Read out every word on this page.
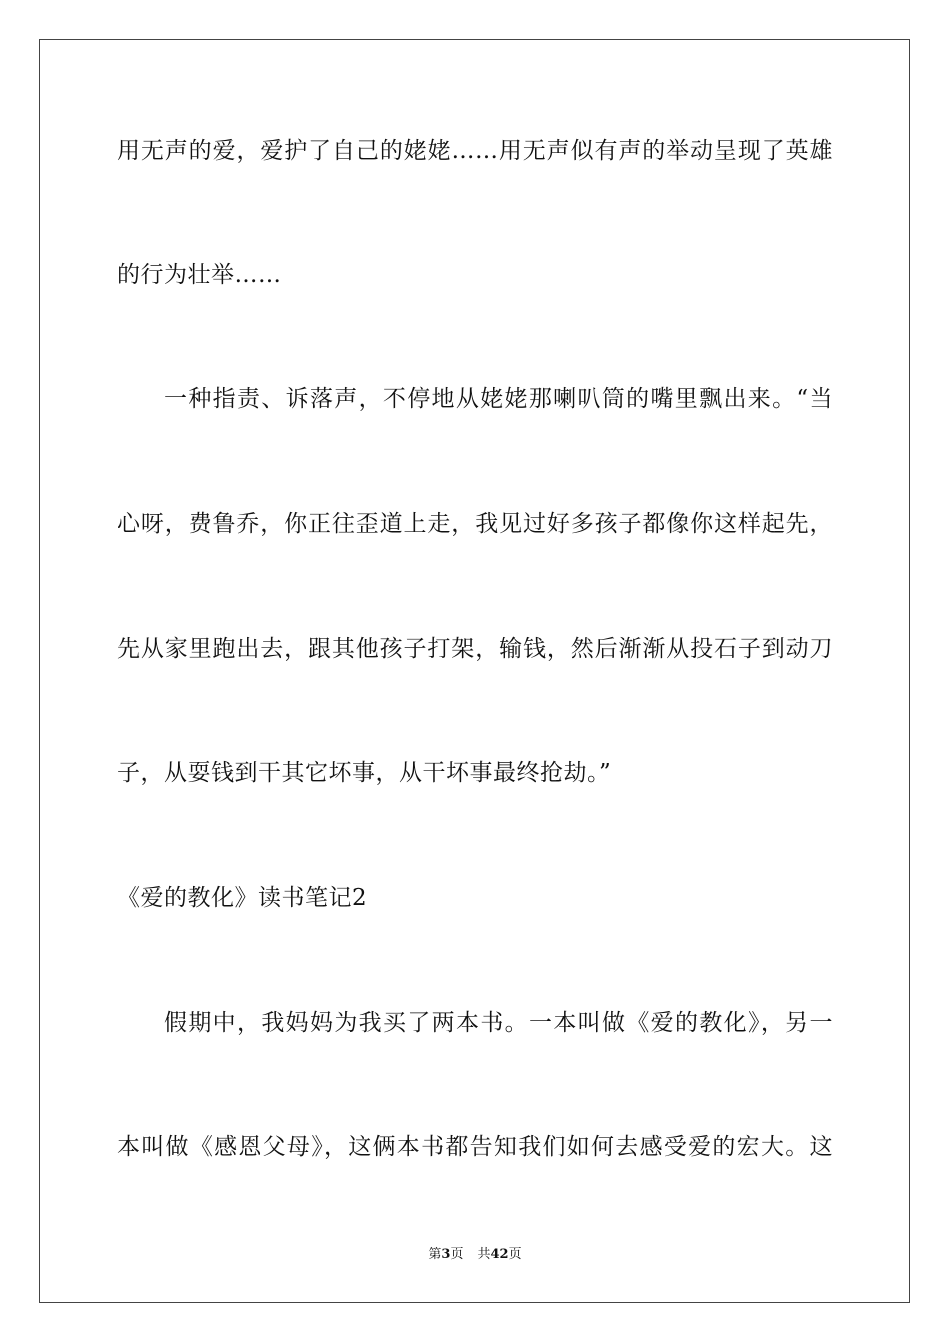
用无声的爱，爱护了自己的姥姥……用无声似有声的举动呈现了英雄
的行为壮举……
一种指责、诉落声，不停地从姥姥那喇叭筒的嘴里飘出来。“当
心呀，费鲁乔，你正往歪道上走，我见过好多孩子都像你这样起先，
先从家里跑出去，跟其他孩子打架，输钱，然后渐渐从投石子到动刀
子，从耍钱到干其它坏事，从干坏事最终抢劫。”
《爱的教化》读书笔记2
假期中，我妈妈为我买了两本书。一本叫做《爱的教化》，另一
本叫做《感恩父母》，这俩本书都告知我们如何去感受爱的宏大。这
第3页 共42页
